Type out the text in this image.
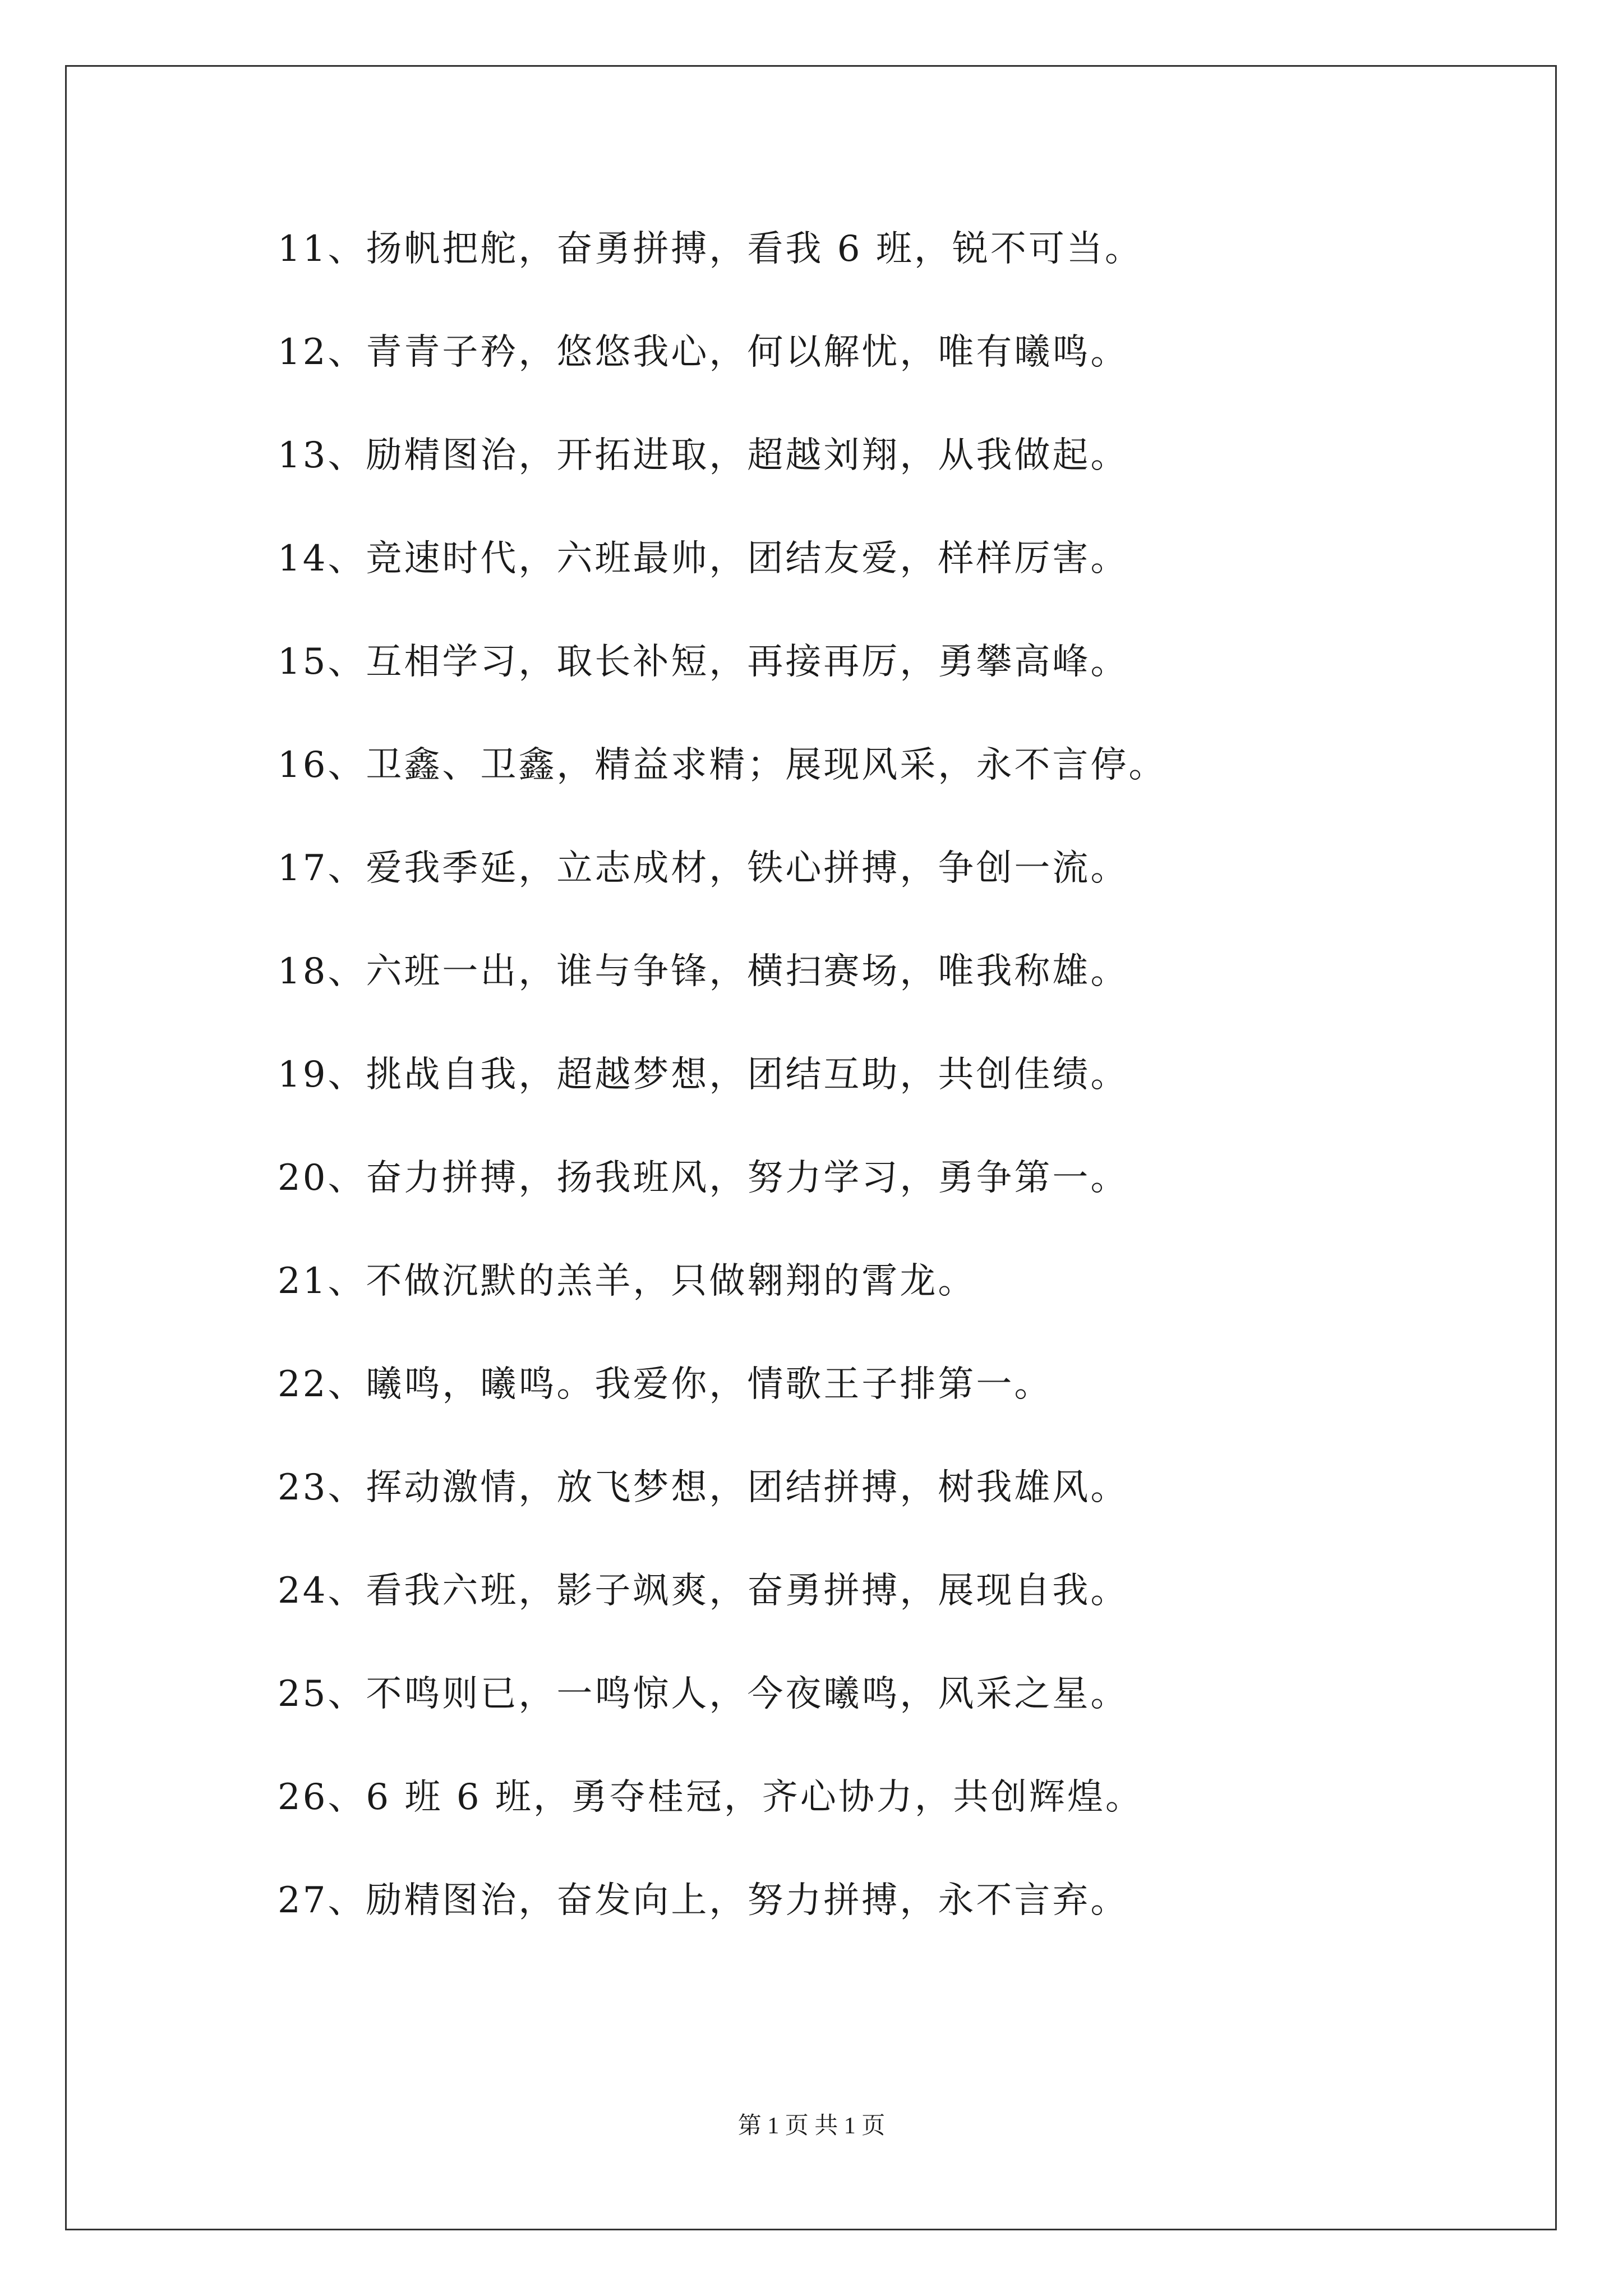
11、扬帆把舵，奋勇拼搏，看我 6 班，锐不可当。
12、青青子矜，悠悠我心，何以解忧，唯有曦鸣。
13、励精图治，开拓进取，超越刘翔，从我做起。
14、竞速时代，六班最帅，团结友爱，样样厉害。
15、互相学习，取长补短，再接再厉，勇攀高峰。
16、卫鑫、卫鑫，精益求精；展现风采，永不言停。
17、爱我季延，立志成材，铁心拼搏，争创一流。
18、六班一出，谁与争锋，横扫赛场，唯我称雄。
19、挑战自我，超越梦想，团结互助，共创佳绩。
20、奋力拼搏，扬我班风，努力学习，勇争第一。
21、不做沉默的羔羊，只做翱翔的霄龙。
22、曦鸣，曦鸣。我爱你，情歌王子排第一。
23、挥动激情，放飞梦想，团结拼搏，树我雄风。
24、看我六班，影子飒爽，奋勇拼搏，展现自我。
25、不鸣则已，一鸣惊人，今夜曦鸣，风采之星。
26、6 班 6 班，勇夺桂冠，齐心协力，共创辉煌。
27、励精图治，奋发向上，努力拼搏，永不言弃。
第 1 页 共 1 页
